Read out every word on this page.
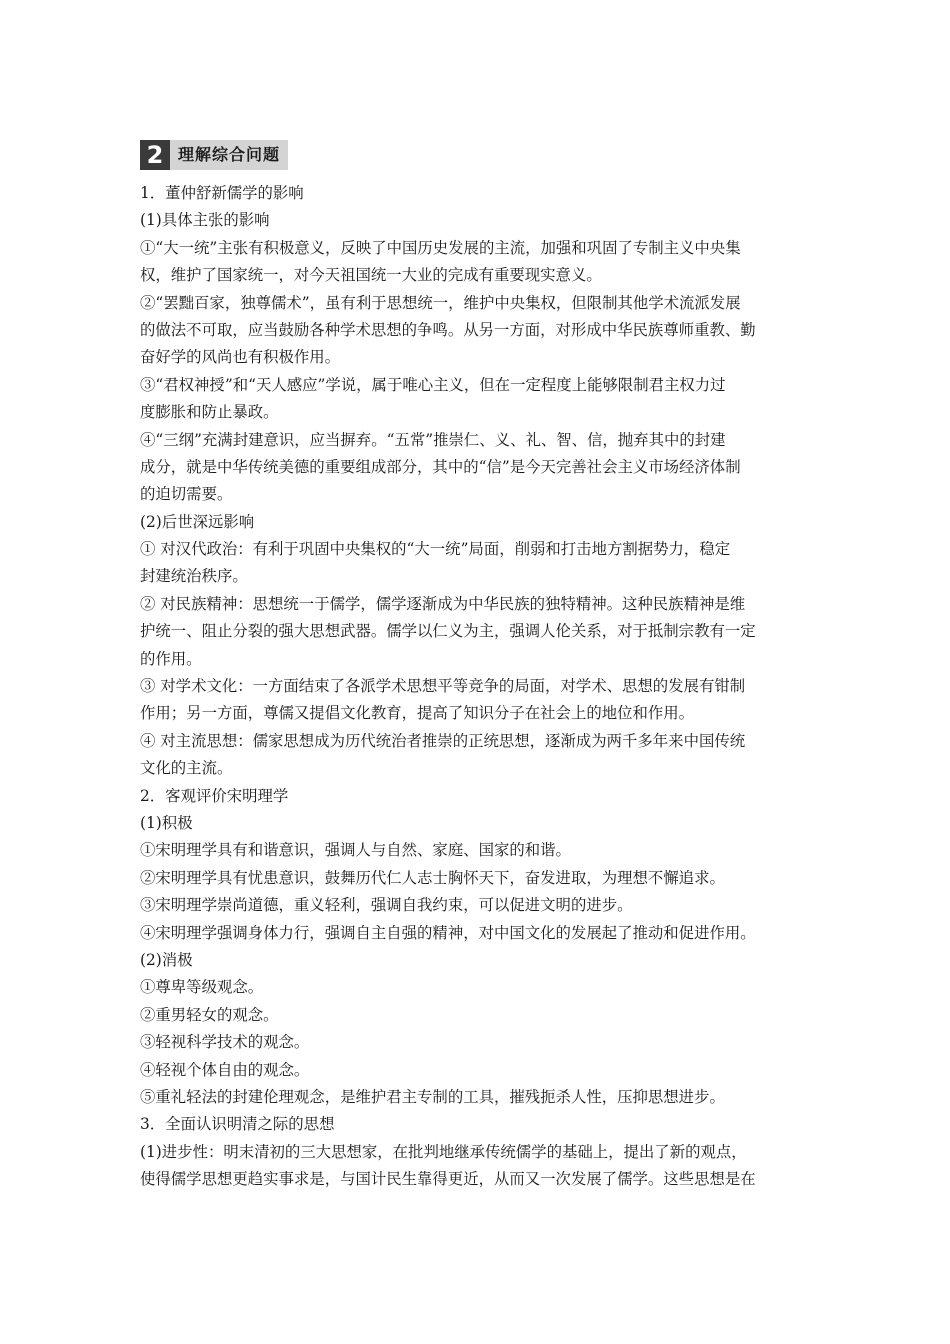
2 理解综合问题
1．董仲舒新儒学的影响
(1)具体主张的影响
①“大一统”主张有积极意义，反映了中国历史发展的主流，加强和巩固了专制主义中央集
权，维护了国家统一，对今天祖国统一大业的完成有重要现实意义。
②“罢黜百家，独尊儒术”，虽有利于思想统一，维护中央集权，但限制其他学术流派发展
的做法不可取，应当鼓励各种学术思想的争鸣。从另一方面，对形成中华民族尊师重教、勤
奋好学的风尚也有积极作用。
③“君权神授”和“天人感应”学说，属于唯心主义，但在一定程度上能够限制君主权力过
度膨胀和防止暴政。
④“三纲”充满封建意识，应当摒弃。“五常”推崇仁、义、礼、智、信，抛弃其中的封建
成分，就是中华传统美德的重要组成部分，其中的“信”是今天完善社会主义市场经济体制
的迫切需要。
(2)后世深远影响
① 对汉代政治：有利于巩固中央集权的“大一统”局面，削弱和打击地方割据势力，稳定
封建统治秩序。
② 对民族精神：思想统一于儒学，儒学逐渐成为中华民族的独特精神。这种民族精神是维
护统一、阻止分裂的强大思想武器。儒学以仁义为主，强调人伦关系，对于抵制宗教有一定
的作用。
③ 对学术文化：一方面结束了各派学术思想平等竞争的局面，对学术、思想的发展有钳制
作用；另一方面，尊儒又提倡文化教育，提高了知识分子在社会上的地位和作用。
④ 对主流思想：儒家思想成为历代统治者推崇的正统思想，逐渐成为两千多年来中国传统
文化的主流。
2．客观评价宋明理学
(1)积极
①宋明理学具有和谐意识，强调人与自然、家庭、国家的和谐。
②宋明理学具有忧患意识，鼓舞历代仁人志士胸怀天下，奋发进取，为理想不懈追求。
③宋明理学崇尚道德，重义轻利，强调自我约束，可以促进文明的进步。
④宋明理学强调身体力行，强调自主自强的精神，对中国文化的发展起了推动和促进作用。
(2)消极
①尊卑等级观念。
②重男轻女的观念。
③轻视科学技术的观念。
④轻视个体自由的观念。
⑤重礼轻法的封建伦理观念，是维护君主专制的工具，摧残扼杀人性，压抑思想进步。
3．全面认识明清之际的思想
(1)进步性：明末清初的三大思想家，在批判地继承传统儒学的基础上，提出了新的观点，
使得儒学思想更趋实事求是，与国计民生靠得更近，从而又一次发展了儒学。这些思想是在
